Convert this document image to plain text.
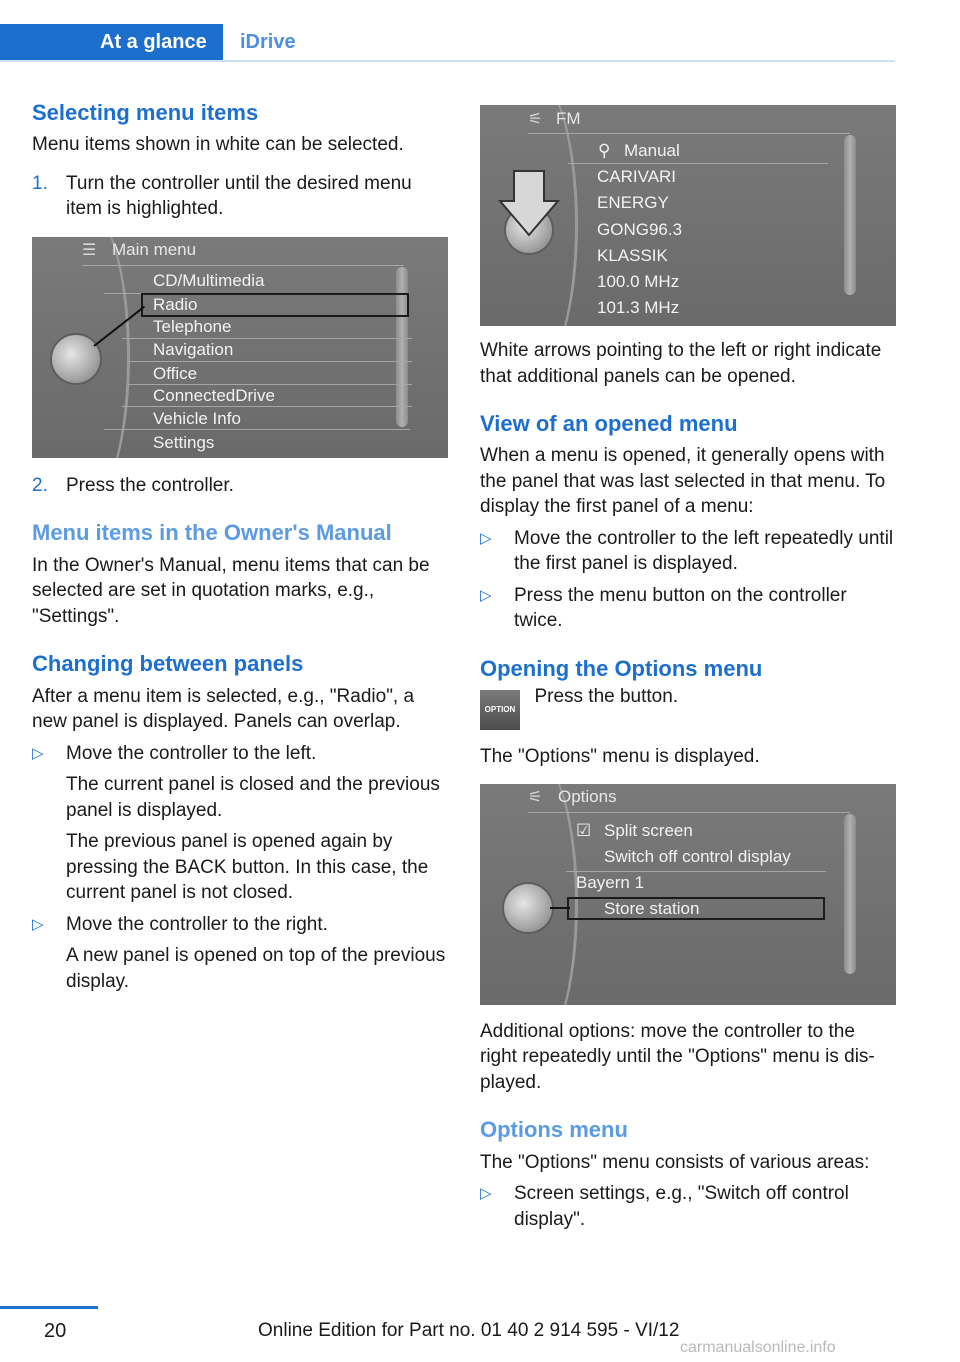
At a glance	iDrive
Selecting menu items

Menu items shown in white can be selected.

1. Turn the controller until the desired menu item is highlighted.
☰ Main menu
CD/Multimedia
Radio
Telephone
Navigation
Office
ConnectedDrive
Vehicle Info
Settings
2. Press the controller.
Menu items in the Owner's Manual

In the Owner's Manual, menu items that can be selected are set in quotation marks, e.g., "Settings".

Changing between panels

After a menu item is selected, e.g., "Radio", a new panel is displayed. Panels can overlap.

▷ Move the controller to the left.
The current panel is closed and the previous panel is displayed.
The previous panel is opened again by pressing the BACK button. In this case, the current panel is not closed.
▷ Move the controller to the right.
A new panel is opened on top of the previous display.
⚟ FM
⚲ Manual
CARIVARI
ENERGY
GONG96.3
KLASSIK
100.0 MHz
101.3 MHz

White arrows pointing to the left or right indicate that additional panels can be opened.

View of an opened menu

When a menu is opened, it generally opens with the panel that was last selected in that menu. To display the first panel of a menu:

▷ Move the controller to the left repeatedly until the first panel is displayed.
▷ Press the menu button on the controller twice.
Opening the Options menu
OPTION Press the button.

The "Options" menu is displayed.

⚟ Options
☑ Split screen
Switch off control display
Bayern 1
Store station

Additional options: move the controller to the right repeatedly until the "Options" menu is displayed.

Options menu

The "Options" menu consists of various areas:

▷ Screen settings, e.g., "Switch off control display".
20	Online Edition for Part no. 01 40 2 914 595 - VI/12
carmanualsonline.info
